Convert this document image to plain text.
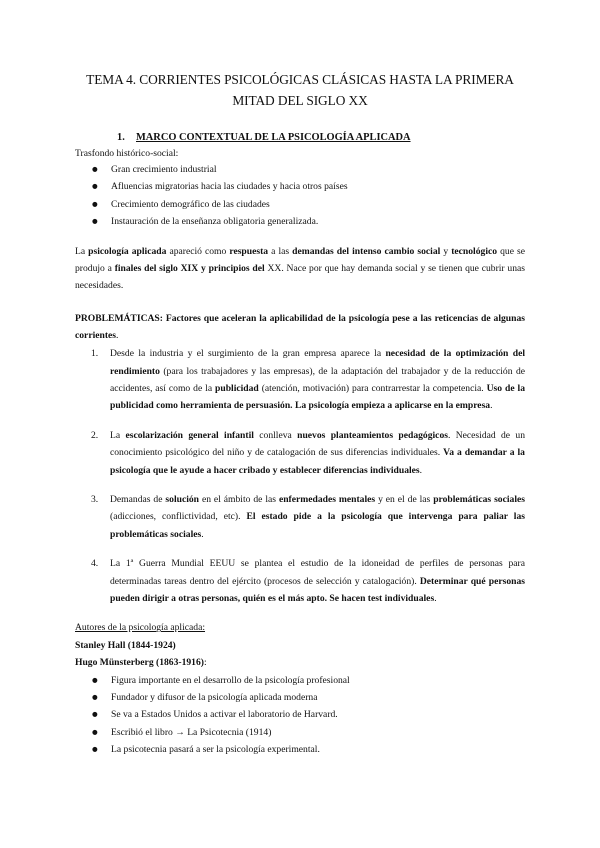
TEMA 4. CORRIENTES PSICOLÓGICAS CLÁSICAS HASTA LA PRIMERA
MITAD DEL SIGLO XX
1. MARCO CONTEXTUAL DE LA PSICOLOGÍA APLICADA

Trasfondo histórico-social:

● Gran crecimiento industrial
● Afluencias migratorias hacia las ciudades y hacia otros países
● Crecimiento demográfico de las ciudades
● Instauración de la enseñanza obligatoria generalizada.

La psicología aplicada apareció como respuesta a las demandas del intenso cambio social y tecnológico que se produjo a finales del siglo XIX y principios del XX. Nace por que hay demanda social y se tienen que cubrir unas necesidades.

PROBLEMÁTICAS: Factores que aceleran la aplicabilidad de la psicología pese a las reticencias de algunas corrientes.

1. Desde la industria y el surgimiento de la gran empresa aparece la necesidad de la optimización del rendimiento (para los trabajadores y las empresas), de la adaptación del trabajador y de la reducción de accidentes, así como de la publicidad (atención, motivación) para contrarrestar la competencia. Uso de la publicidad como herramienta de persuasión. La psicología empieza a aplicarse en la empresa.
2. La escolarización general infantil conlleva nuevos planteamientos pedagógicos. Necesidad de un conocimiento psicológico del niño y de catalogación de sus diferencias individuales. Va a demandar a la psicología que le ayude a hacer cribado y establecer diferencias individuales.
3. Demandas de solución en el ámbito de las enfermedades mentales y en el de las problemáticas sociales (adicciones, conflictividad, etc). El estado pide a la psicología que intervenga para paliar las problemáticas sociales.
4. La 1ª Guerra Mundial EEUU se plantea el estudio de la idoneidad de perfiles de personas para determinadas tareas dentro del ejército (procesos de selección y catalogación). Determinar qué personas pueden dirigir a otras personas, quién es el más apto. Se hacen test individuales.

Autores de la psicología aplicada:

Stanley Hall (1844-1924)

Hugo Münsterberg (1863-1916):

● Figura importante en el desarrollo de la psicología profesional
● Fundador y difusor de la psicología aplicada moderna
● Se va a Estados Unidos a activar el laboratorio de Harvard.
● Escribió el libro → La Psicotecnia (1914)
● La psicotecnia pasará a ser la psicología experimental.
